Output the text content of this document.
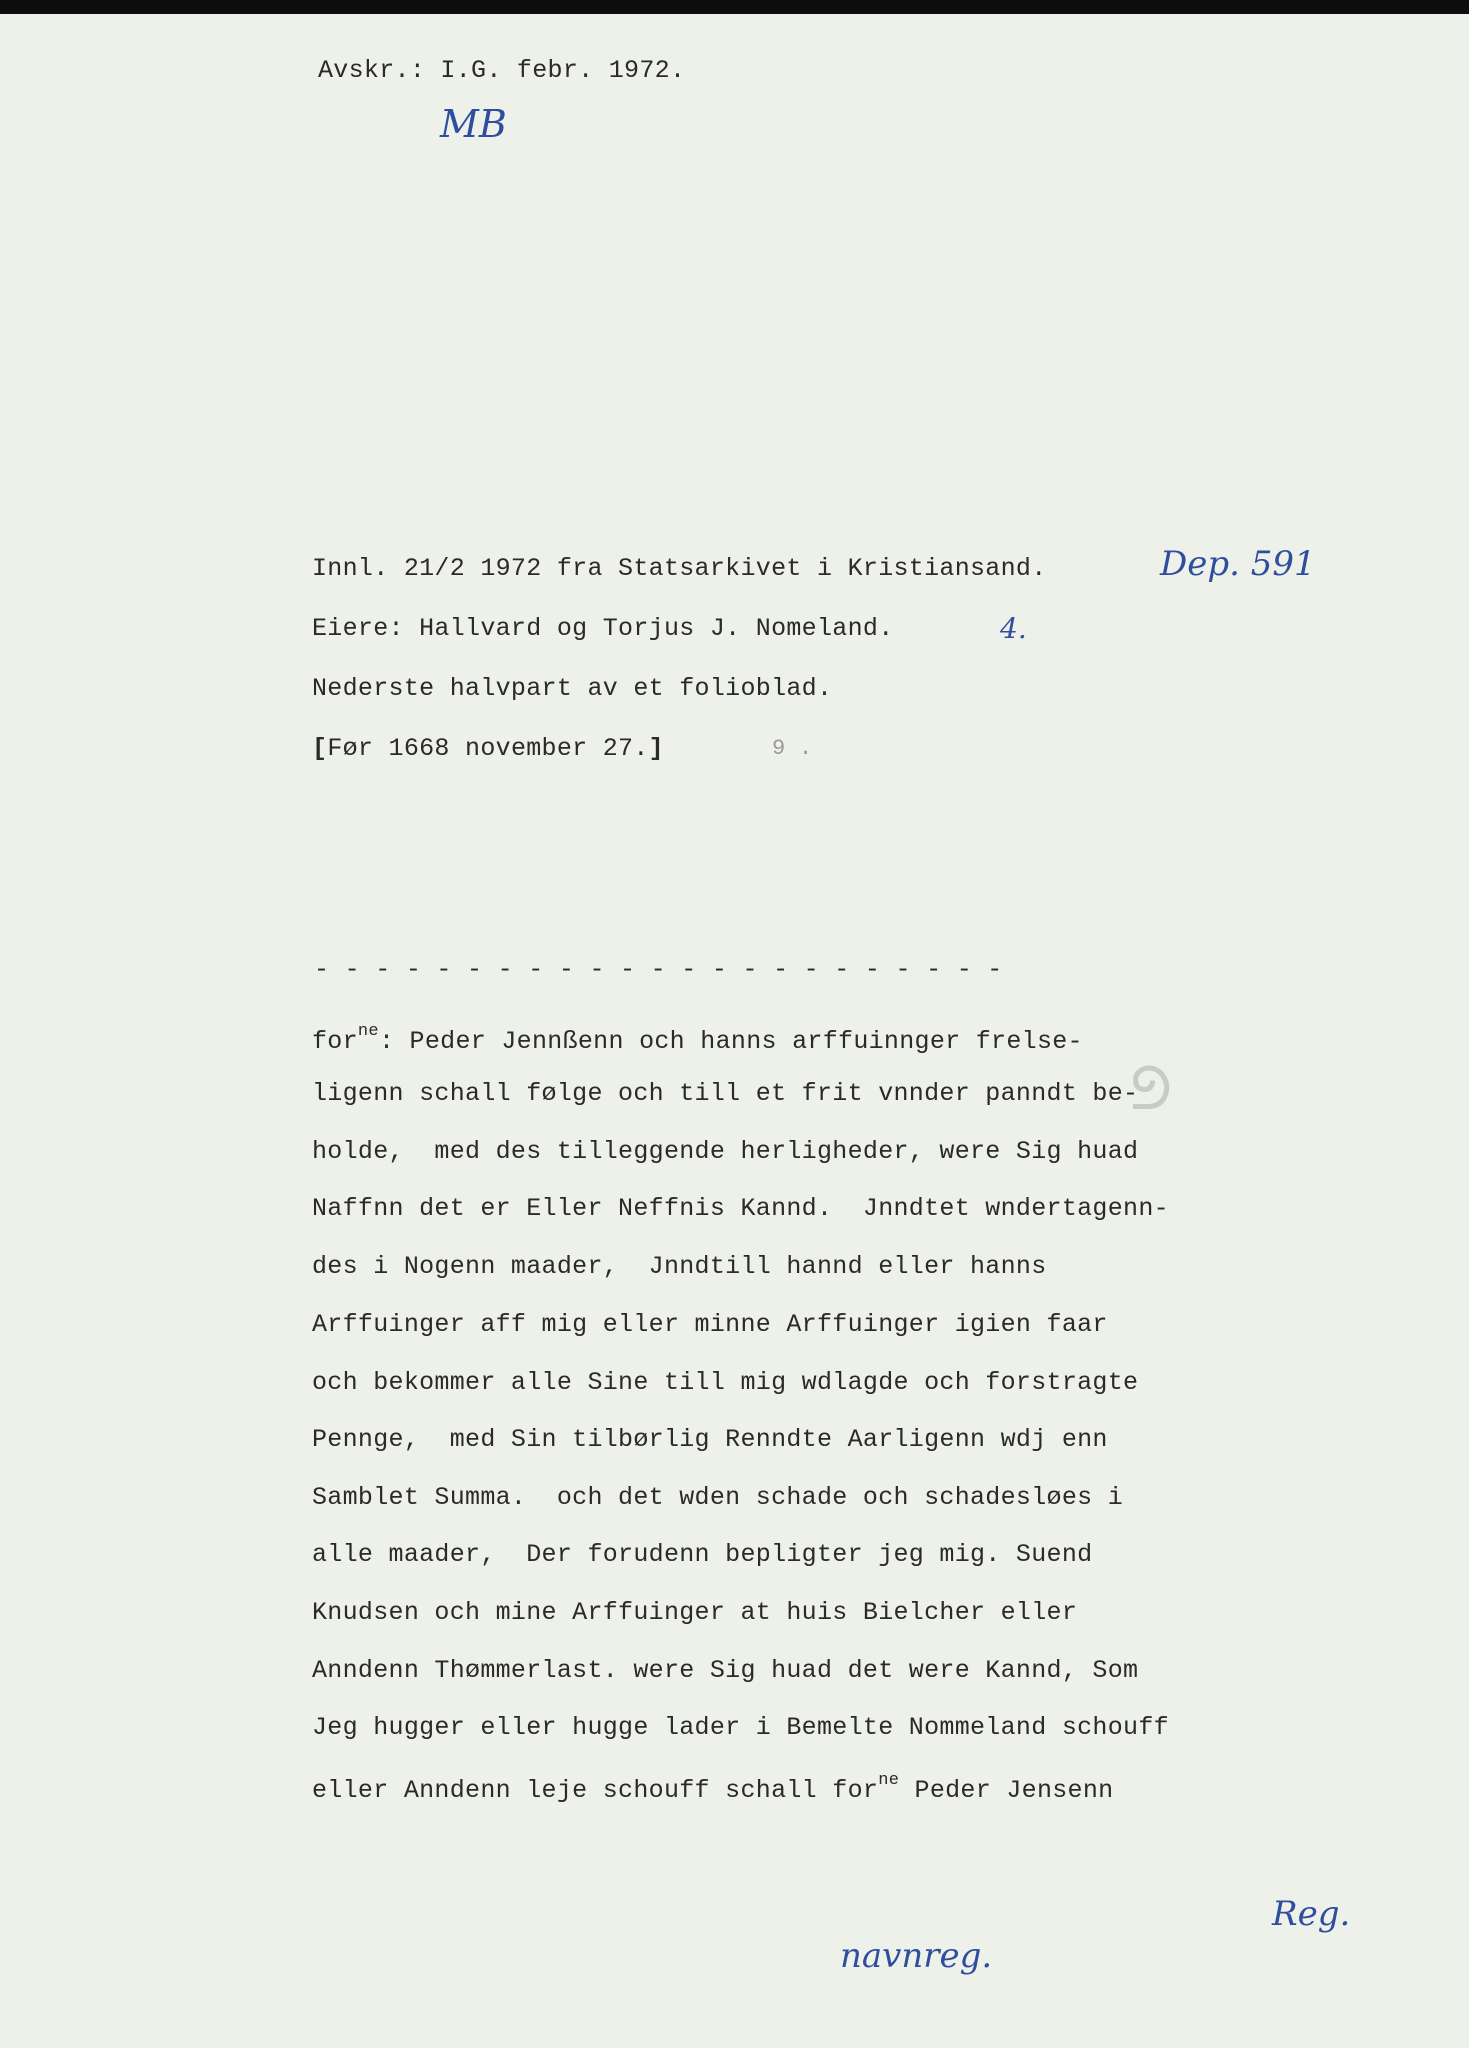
ᘓ
Avskr.: I.G. febr. 1972.
MB
Innl. 21/2 1972 fra Statsarkivet i Kristiansand.	Dep. 591
Eiere: Hallvard og Torjus J. Nomeland.	4.
Nederste halvpart av et folioblad.
[Før 1668 november 27.]	9 .
- - - - - - - - - - - - - - - - - - - - - - -
for$^{ne}$: Peder Jennßenn och hanns arffuinnger frelse-
ligenn schall følge och till et frit vnnder panndt be-
holde,  med des tilleggende herligheder, were Sig huad
Naffnn det er Eller Neffnis Kannd.  Jnndtet wndertagenn-
des i Nogenn maader,  Jnndtill hannd eller hanns
Arffuinger aff mig eller minne Arffuinger igien faar
och bekommer alle Sine till mig wdlagde och forstragte
Pennge,  med Sin tilbørlig Renndte Aarligenn wdj enn
Samblet Summa.  och det wden schade och schadesløes i
alle maader,  Der forudenn bepligter jeg mig. Suend
Knudsen och mine Arffuinger at huis Bielcher eller
Anndenn Thømmerlast. were Sig huad det were Kannd, Som
Jeg hugger eller hugge lader i Bemelte Nommeland schouff
eller Anndenn leje schouff schall for$^{ne}$ Peder Jensenn
Reg.
navnreg.
